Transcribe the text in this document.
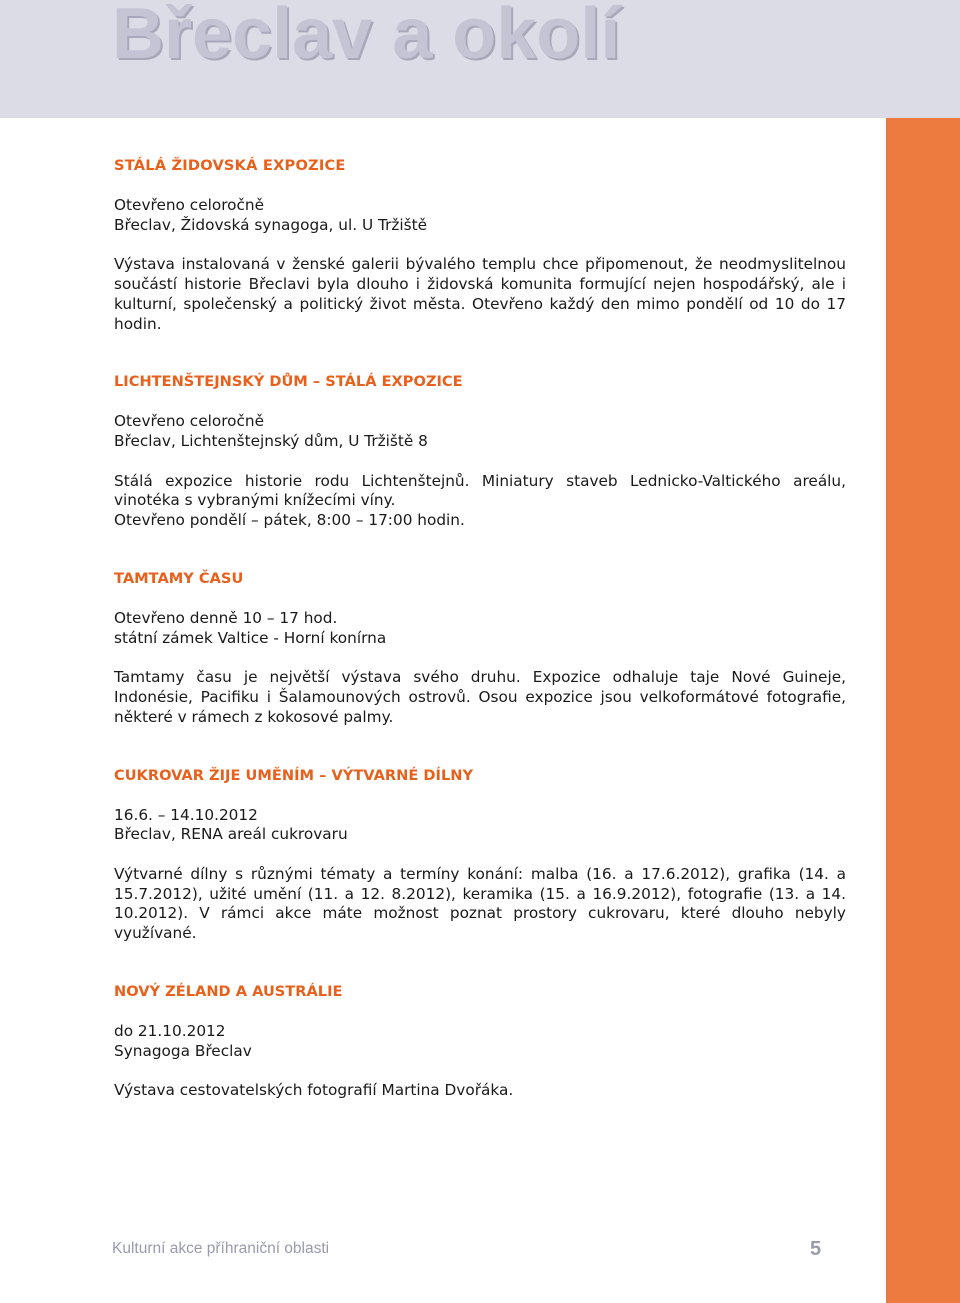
Břeclav a okolí
STÁLÁ ŽIDOVSKÁ EXPOZICE

Otevřeno celoročně

Břeclav, Židovská synagoga, ul. U Tržiště

Výstava instalovaná v ženské galerii bývalého templu chce připomenout, že neodmyslitelnou součástí historie Břeclavi byla dlouho i židovská komunita formující nejen hospodářský, ale i kulturní, společenský a politický život města. Otevřeno každý den mimo pondělí od 10 do 17 hodin.

LICHTENŠTEJNSKÝ DŮM – STÁLÁ EXPOZICE

Otevřeno celoročně

Břeclav, Lichtenštejnský dům, U Tržiště 8

Stálá expozice historie rodu Lichtenštejnů. Miniatury staveb Lednicko-Valtického areálu, vinotéka s vybranými knížecími víny.

Otevřeno pondělí – pátek, 8:00 – 17:00 hodin.

TAMTAMY ČASU

Otevřeno denně 10 – 17 hod.

státní zámek Valtice - Horní konírna

Tamtamy času je největší výstava svého druhu. Expozice odhaluje taje Nové Guineje, Indonésie, Pacifiku i Šalamounových ostrovů. Osou expozice jsou velkoformátové fotografie, některé v rámech z kokosové palmy.

CUKROVAR ŽIJE UMĚNÍM – VÝTVARNÉ DÍLNY

16.6. – 14.10.2012

Břeclav, RENA areál cukrovaru

Výtvarné dílny s různými tématy a termíny konání: malba (16. a 17.6.2012), grafika (14. a 15.7.2012), užité umění (11. a 12. 8.2012), keramika (15. a 16.9.2012), fotografie (13. a 14. 10.2012). V rámci akce máte možnost poznat prostory cukrovaru, které dlouho nebyly využívané.

NOVÝ ZÉLAND A AUSTRÁLIE

do 21.10.2012

Synagoga Břeclav

Výstava cestovatelských fotografií Martina Dvořáka.

Kulturní akce příhraniční oblasti	5
